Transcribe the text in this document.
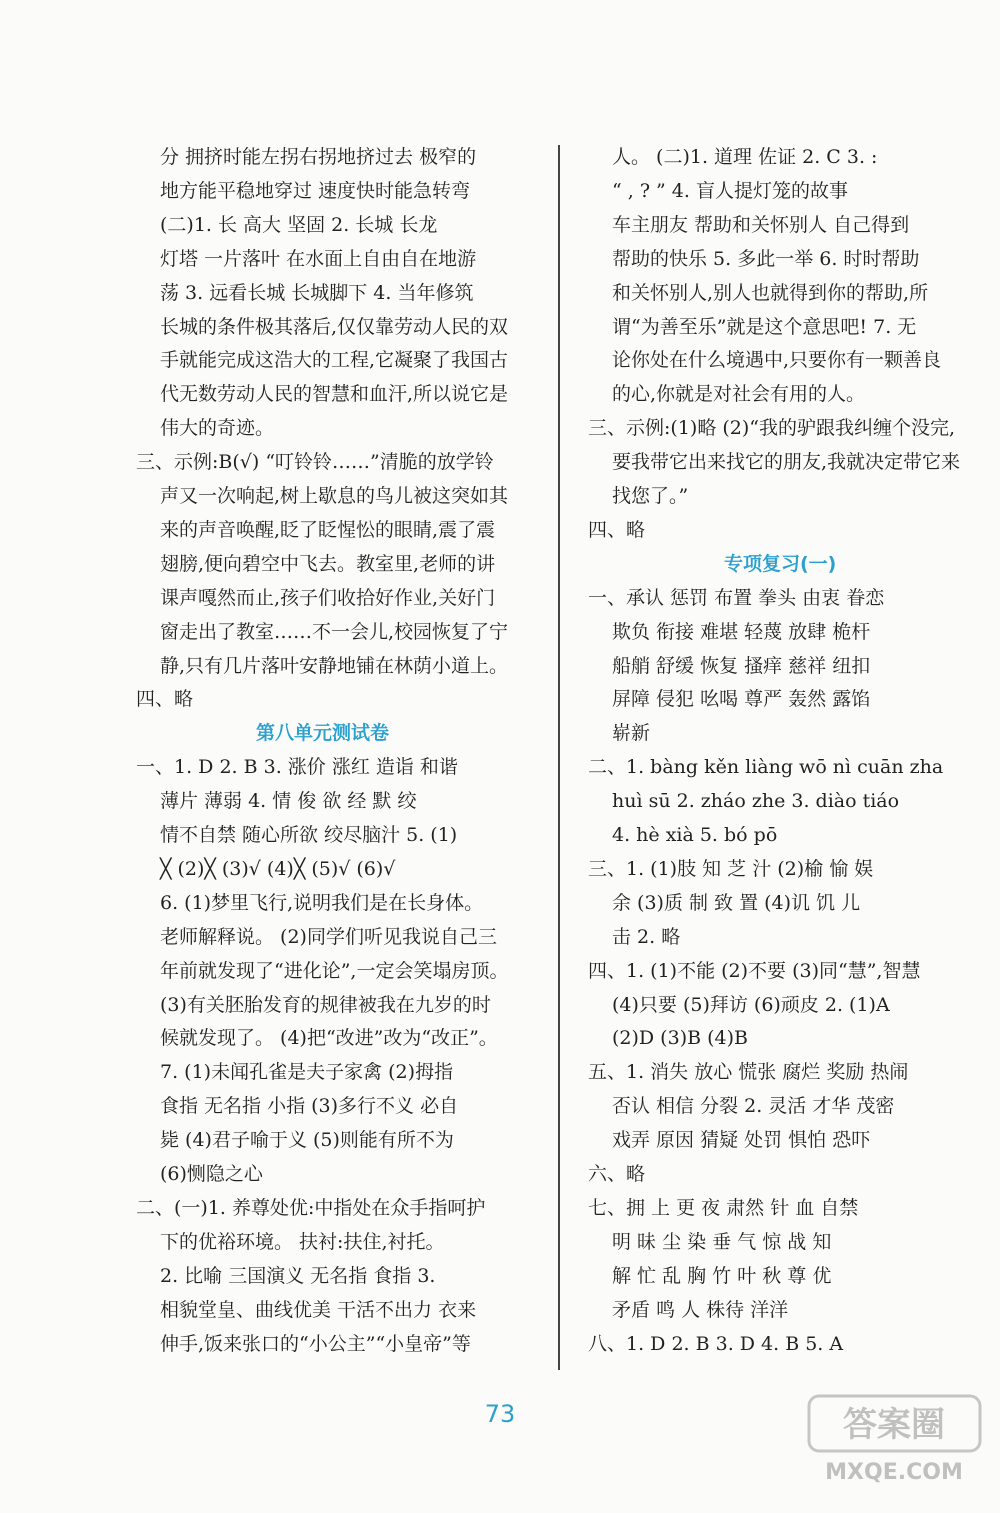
分 拥挤时能左拐右拐地挤过去 极窄的
地方能平稳地穿过 速度快时能急转弯
(二)1. 长 高大 坚固 2. 长城 长龙
灯塔 一片落叶 在水面上自由自在地游
荡 3. 远看长城 长城脚下 4. 当年修筑
长城的条件极其落后,仅仅靠劳动人民的双
手就能完成这浩大的工程,它凝聚了我国古
代无数劳动人民的智慧和血汗,所以说它是
伟大的奇迹。
三、示例:B(√) “叮铃铃……”清脆的放学铃
声又一次响起,树上歇息的鸟儿被这突如其
来的声音唤醒,眨了眨惺忪的眼睛,震了震
翅膀,便向碧空中飞去。教室里,老师的讲
课声嘎然而止,孩子们收拾好作业,关好门
窗走出了教室……不一会儿,校园恢复了宁
静,只有几片落叶安静地铺在林荫小道上。
四、略
第八单元测试卷
一、1. D 2. B 3. 涨价 涨红 造诣 和谐
薄片 薄弱 4. 情 俊 欲 经 默 绞
情不自禁 随心所欲 绞尽脑汁 5. (1)
╳ (2)╳ (3)√ (4)╳ (5)√ (6)√
6. (1)梦里飞行,说明我们是在长身体。
老师解释说。 (2)同学们听见我说自己三
年前就发现了“进化论”,一定会笑塌房顶。
(3)有关胚胎发育的规律被我在九岁的时
候就发现了。 (4)把“改进”改为“改正”。
7. (1)未闻孔雀是夫子家禽 (2)拇指
食指 无名指 小指 (3)多行不义 必自
毙 (4)君子喻于义 (5)则能有所不为
(6)恻隐之心
二、(一)1. 养尊处优:中指处在众手指呵护
下的优裕环境。 扶衬:扶住,衬托。
2. 比喻 三国演义 无名指 食指 3.
相貌堂皇、曲线优美 干活不出力 衣来
伸手,饭来张口的“小公主”“小皇帝”等
人。 (二)1. 道理 佐证 2. C 3. :
“ , ? ” 4. 盲人提灯笼的故事
车主朋友 帮助和关怀别人 自己得到
帮助的快乐 5. 多此一举 6. 时时帮助
和关怀别人,别人也就得到你的帮助,所
谓“为善至乐”就是这个意思吧! 7. 无
论你处在什么境遇中,只要你有一颗善良
的心,你就是对社会有用的人。
三、示例:(1)略 (2)“我的驴跟我纠缠个没完,
要我带它出来找它的朋友,我就决定带它来
找您了。”
四、略
专项复习(一)
一、承认 惩罚 布置 拳头 由衷 眷恋
欺负 衔接 难堪 轻蔑 放肆 桅杆
船艄 舒缓 恢复 搔痒 慈祥 纽扣
屏障 侵犯 吆喝 尊严 轰然 露馅
崭新
二、1. bàng kěn liàng wō nì cuān zha
huì sū 2. zháo zhe 3. diào tiáo
4. hè xià 5. bó pō
三、1. (1)肢 知 芝 汁 (2)榆 愉 娱
余 (3)质 制 致 置 (4)讥 饥 儿
击 2. 略
四、1. (1)不能 (2)不要 (3)同“慧”,智慧
(4)只要 (5)拜访 (6)顽皮 2. (1)A
(2)D (3)B (4)B
五、1. 消失 放心 慌张 腐烂 奖励 热闹
否认 相信 分裂 2. 灵活 才华 茂密
戏弄 原因 猜疑 处罚 惧怕 恐吓
六、略
七、拥 上 更 夜 肃然 针 血 自禁
明 昧 尘 染 垂 气 惊 战 知
解 忙 乱 胸 竹 叶 秋 尊 优
矛盾 鸣 人 株待 洋洋
八、1. D 2. B 3. D 4. B 5. A
73	答案圈
MXQE.COM
